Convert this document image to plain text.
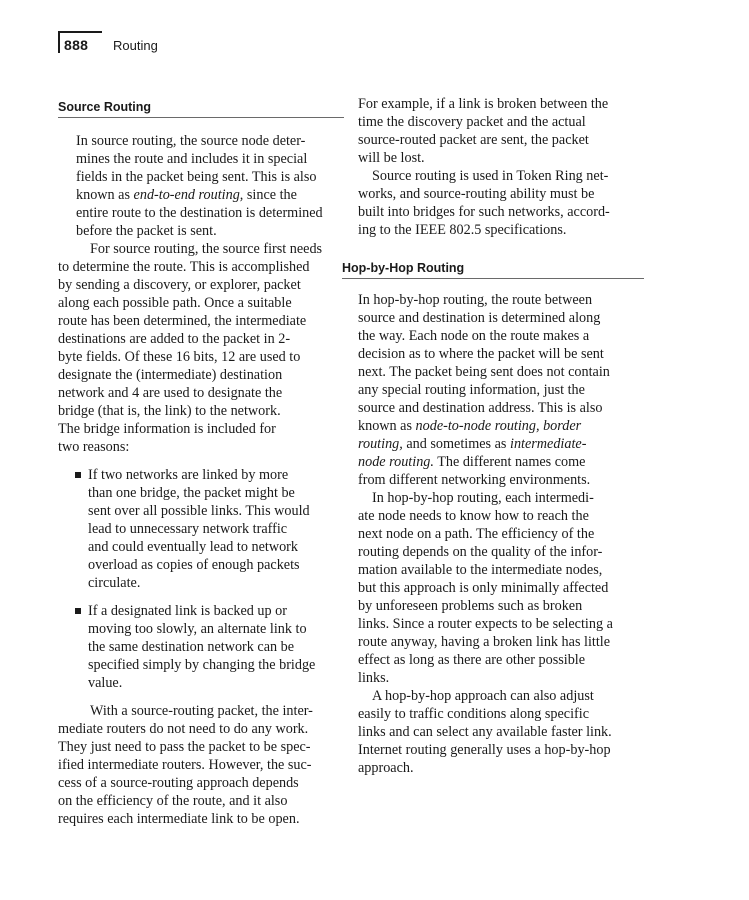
888 Routing
Source Routing

In source routing, the source node deter-
mines the route and includes it in special
fields in the packet being sent. This is also
known as end-to-end routing, since the
entire route to the destination is determined
before the packet is sent.

For source routing, the source first needs
to determine the route. This is accomplished
by sending a discovery, or explorer, packet
along each possible path. Once a suitable
route has been determined, the intermediate
destinations are added to the packet in 2-
byte fields. Of these 16 bits, 12 are used to
designate the (intermediate) destination
network and 4 are used to designate the
bridge (that is, the link) to the network.
The bridge information is included for
two reasons:

If two networks are linked by more
than one bridge, the packet might be
sent over all possible links. This would
lead to unnecessary network traffic
and could eventually lead to network
overload as copies of enough packets
circulate.
If a designated link is backed up or
moving too slowly, an alternate link to
the same destination network can be
specified simply by changing the bridge
value.

With a source-routing packet, the inter-
mediate routers do not need to do any work.
They just need to pass the packet to be spec-
ified intermediate routers. However, the suc-
cess of a source-routing approach depends
on the efficiency of the route, and it also
requires each intermediate link to be open.

For example, if a link is broken between the
time the discovery packet and the actual
source-routed packet are sent, the packet
will be lost.

Source routing is used in Token Ring net-
works, and source-routing ability must be
built into bridges for such networks, accord-
ing to the IEEE 802.5 specifications.

Hop-by-Hop Routing

In hop-by-hop routing, the route between
source and destination is determined along
the way. Each node on the route makes a
decision as to where the packet will be sent
next. The packet being sent does not contain
any special routing information, just the
source and destination address. This is also
known as node-to-node routing, border
routing, and sometimes as intermediate-
node routing. The different names come
from different networking environments.

In hop-by-hop routing, each intermedi-
ate node needs to know how to reach the
next node on a path. The efficiency of the
routing depends on the quality of the infor-
mation available to the intermediate nodes,
but this approach is only minimally affected
by unforeseen problems such as broken
links. Since a router expects to be selecting a
route anyway, having a broken link has little
effect as long as there are other possible
links.

A hop-by-hop approach can also adjust
easily to traffic conditions along specific
links and can select any available faster link.
Internet routing generally uses a hop-by-hop
approach.
